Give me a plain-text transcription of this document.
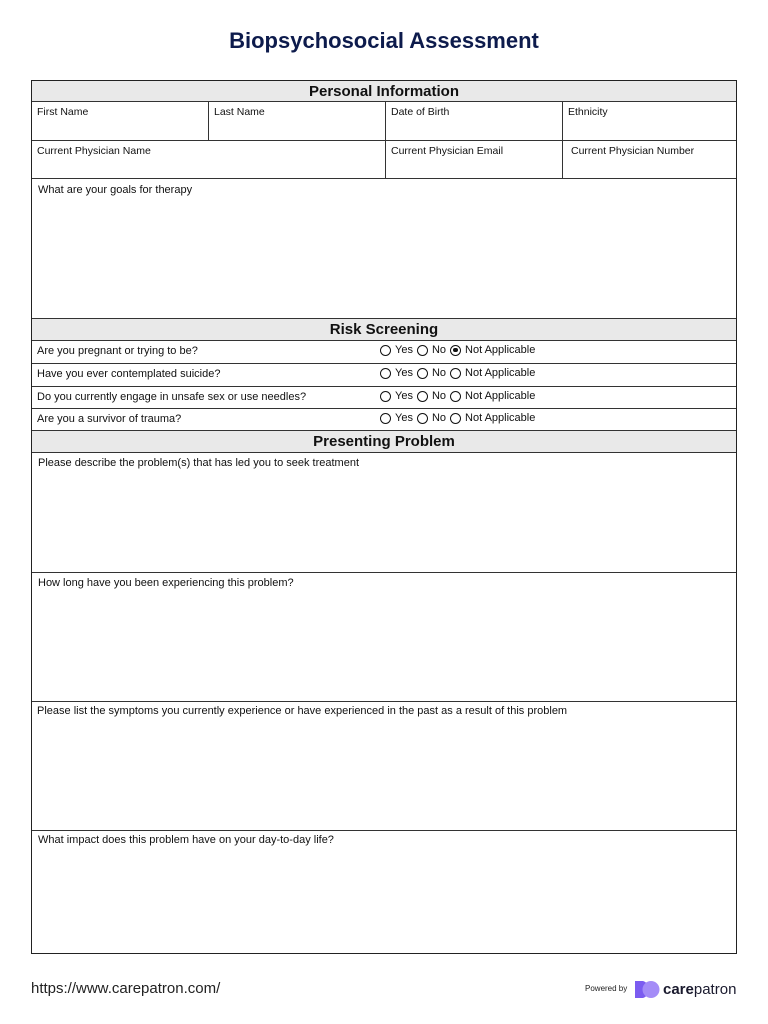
Biopsychosocial Assessment
Personal Information
First Name	Last Name	Date of Birth	Ethnicity
Current Physician Name	Current Physician Email	Current Physician Number
What are your goals for therapy
Risk Screening
Are you pregnant or trying to be?	Yes No Not Applicable
Have you ever contemplated suicide?	Yes No Not Applicable
Do you currently engage in unsafe sex or use needles?	Yes No Not Applicable
Are you a survivor of trauma?	Yes No Not Applicable
Presenting Problem
Please describe the problem(s) that has led you to seek treatment
How long have you been experiencing this problem?
Please list the symptoms you currently experience or have experienced in the past as a result of this problem
What impact does this problem have on your day-to-day life?
https://www.carepatron.com/	Powered by carepatron
